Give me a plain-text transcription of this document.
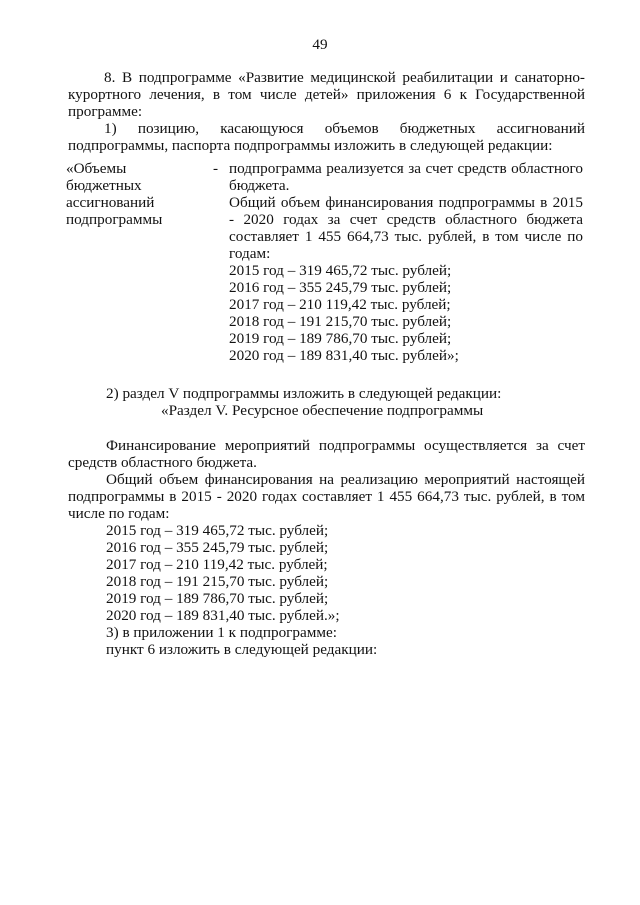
49
8. В подпрограмме «Развитие медицинской реабилитации и санаторно-
курортного лечения, в том числе детей» приложения 6 к Государственной
программе:
1) позицию, касающуюся объемов бюджетных ассигнований
подпрограммы, паспорта подпрограммы изложить в следующей редакции:
«Объемы
бюджетных
ассигнований
подпрограммы
- подпрограмма реализуется за счет средств областного
бюджета.
Общий объем финансирования подпрограммы в 2015
- 2020 годах за счет средств областного бюджета
составляет 1 455 664,73 тыс. рублей, в том числе по
годам:
2015 год – 319 465,72 тыс. рублей;
2016 год – 355 245,79 тыс. рублей;
2017 год – 210 119,42 тыс. рублей;
2018 год – 191 215,70 тыс. рублей;
2019 год – 189 786,70 тыс. рублей;
2020 год – 189 831,40 тыс. рублей»;
2) раздел V подпрограммы изложить в следующей редакции:
«Раздел V. Ресурсное обеспечение подпрограммы
Финансирование мероприятий подпрограммы осуществляется за счет
средств областного бюджета.
Общий объем финансирования на реализацию мероприятий настоящей
подпрограммы в 2015 - 2020 годах составляет 1 455 664,73 тыс. рублей, в том
числе по годам:
2015 год – 319 465,72 тыс. рублей;
2016 год – 355 245,79 тыс. рублей;
2017 год – 210 119,42 тыс. рублей;
2018 год – 191 215,70 тыс. рублей;
2019 год – 189 786,70 тыс. рублей;
2020 год – 189 831,40 тыс. рублей.»;
3) в приложении 1 к подпрограмме:
пункт 6 изложить в следующей редакции:
